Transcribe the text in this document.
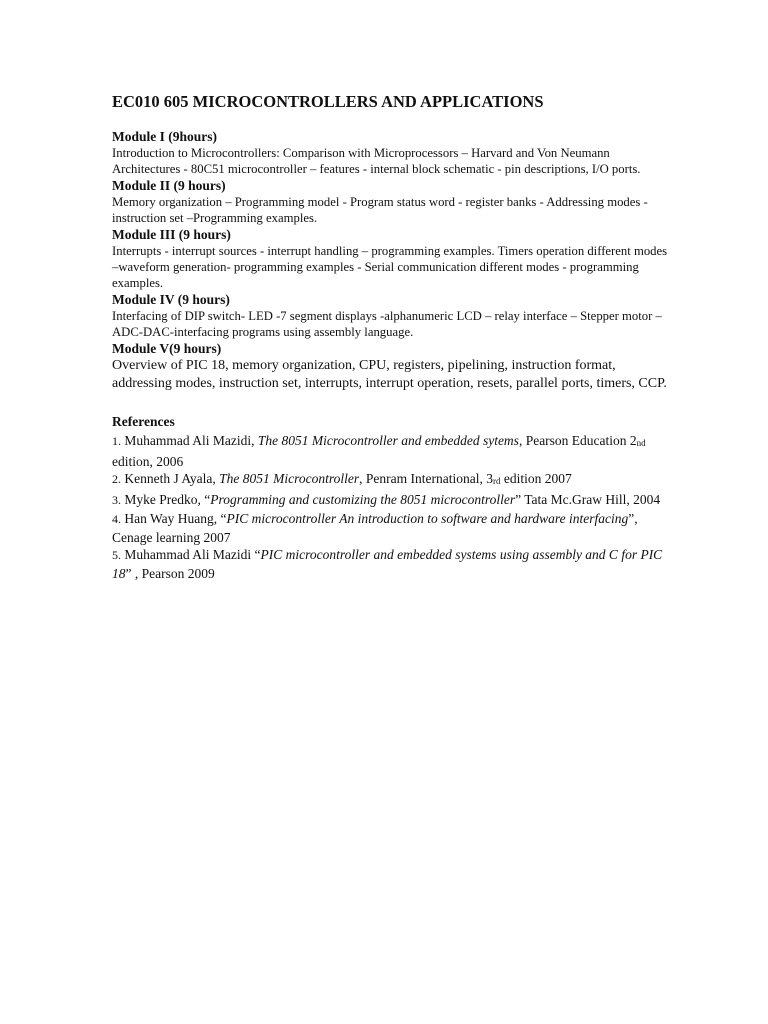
EC010 605 MICROCONTROLLERS AND APPLICATIONS

Module I (9hours)

Introduction to Microcontrollers: Comparison with Microprocessors – Harvard and Von Neumann Architectures - 80C51 microcontroller – features - internal block schematic - pin descriptions, I/O ports.

Module II (9 hours)

Memory organization – Programming model - Program status word - register banks - Addressing modes - instruction set –Programming examples.

Module III (9 hours)

Interrupts - interrupt sources - interrupt handling – programming examples. Timers operation different modes –waveform generation- programming examples - Serial communication different modes - programming examples.

Module IV (9 hours)

Interfacing of DIP switch- LED -7 segment displays -alphanumeric LCD – relay interface – Stepper motor –ADC-DAC-interfacing programs using assembly language.

Module V(9 hours)

Overview of PIC 18, memory organization, CPU, registers, pipelining, instruction format, addressing modes, instruction set, interrupts, interrupt operation, resets, parallel ports, timers, CCP.

References

1. Muhammad Ali Mazidi, The 8051 Microcontroller and embedded sytems, Pearson Education 2nd edition, 2006

2. Kenneth J Ayala, The 8051 Microcontroller, Penram International, 3rd edition 2007

3. Myke Predko, “Programming and customizing the 8051 microcontroller” Tata Mc.Graw Hill, 2004

4. Han Way Huang, “PIC microcontroller An introduction to software and hardware interfacing”, Cenage learning 2007

5. Muhammad Ali Mazidi “PIC microcontroller and embedded systems using assembly and C for PIC 18” , Pearson 2009
